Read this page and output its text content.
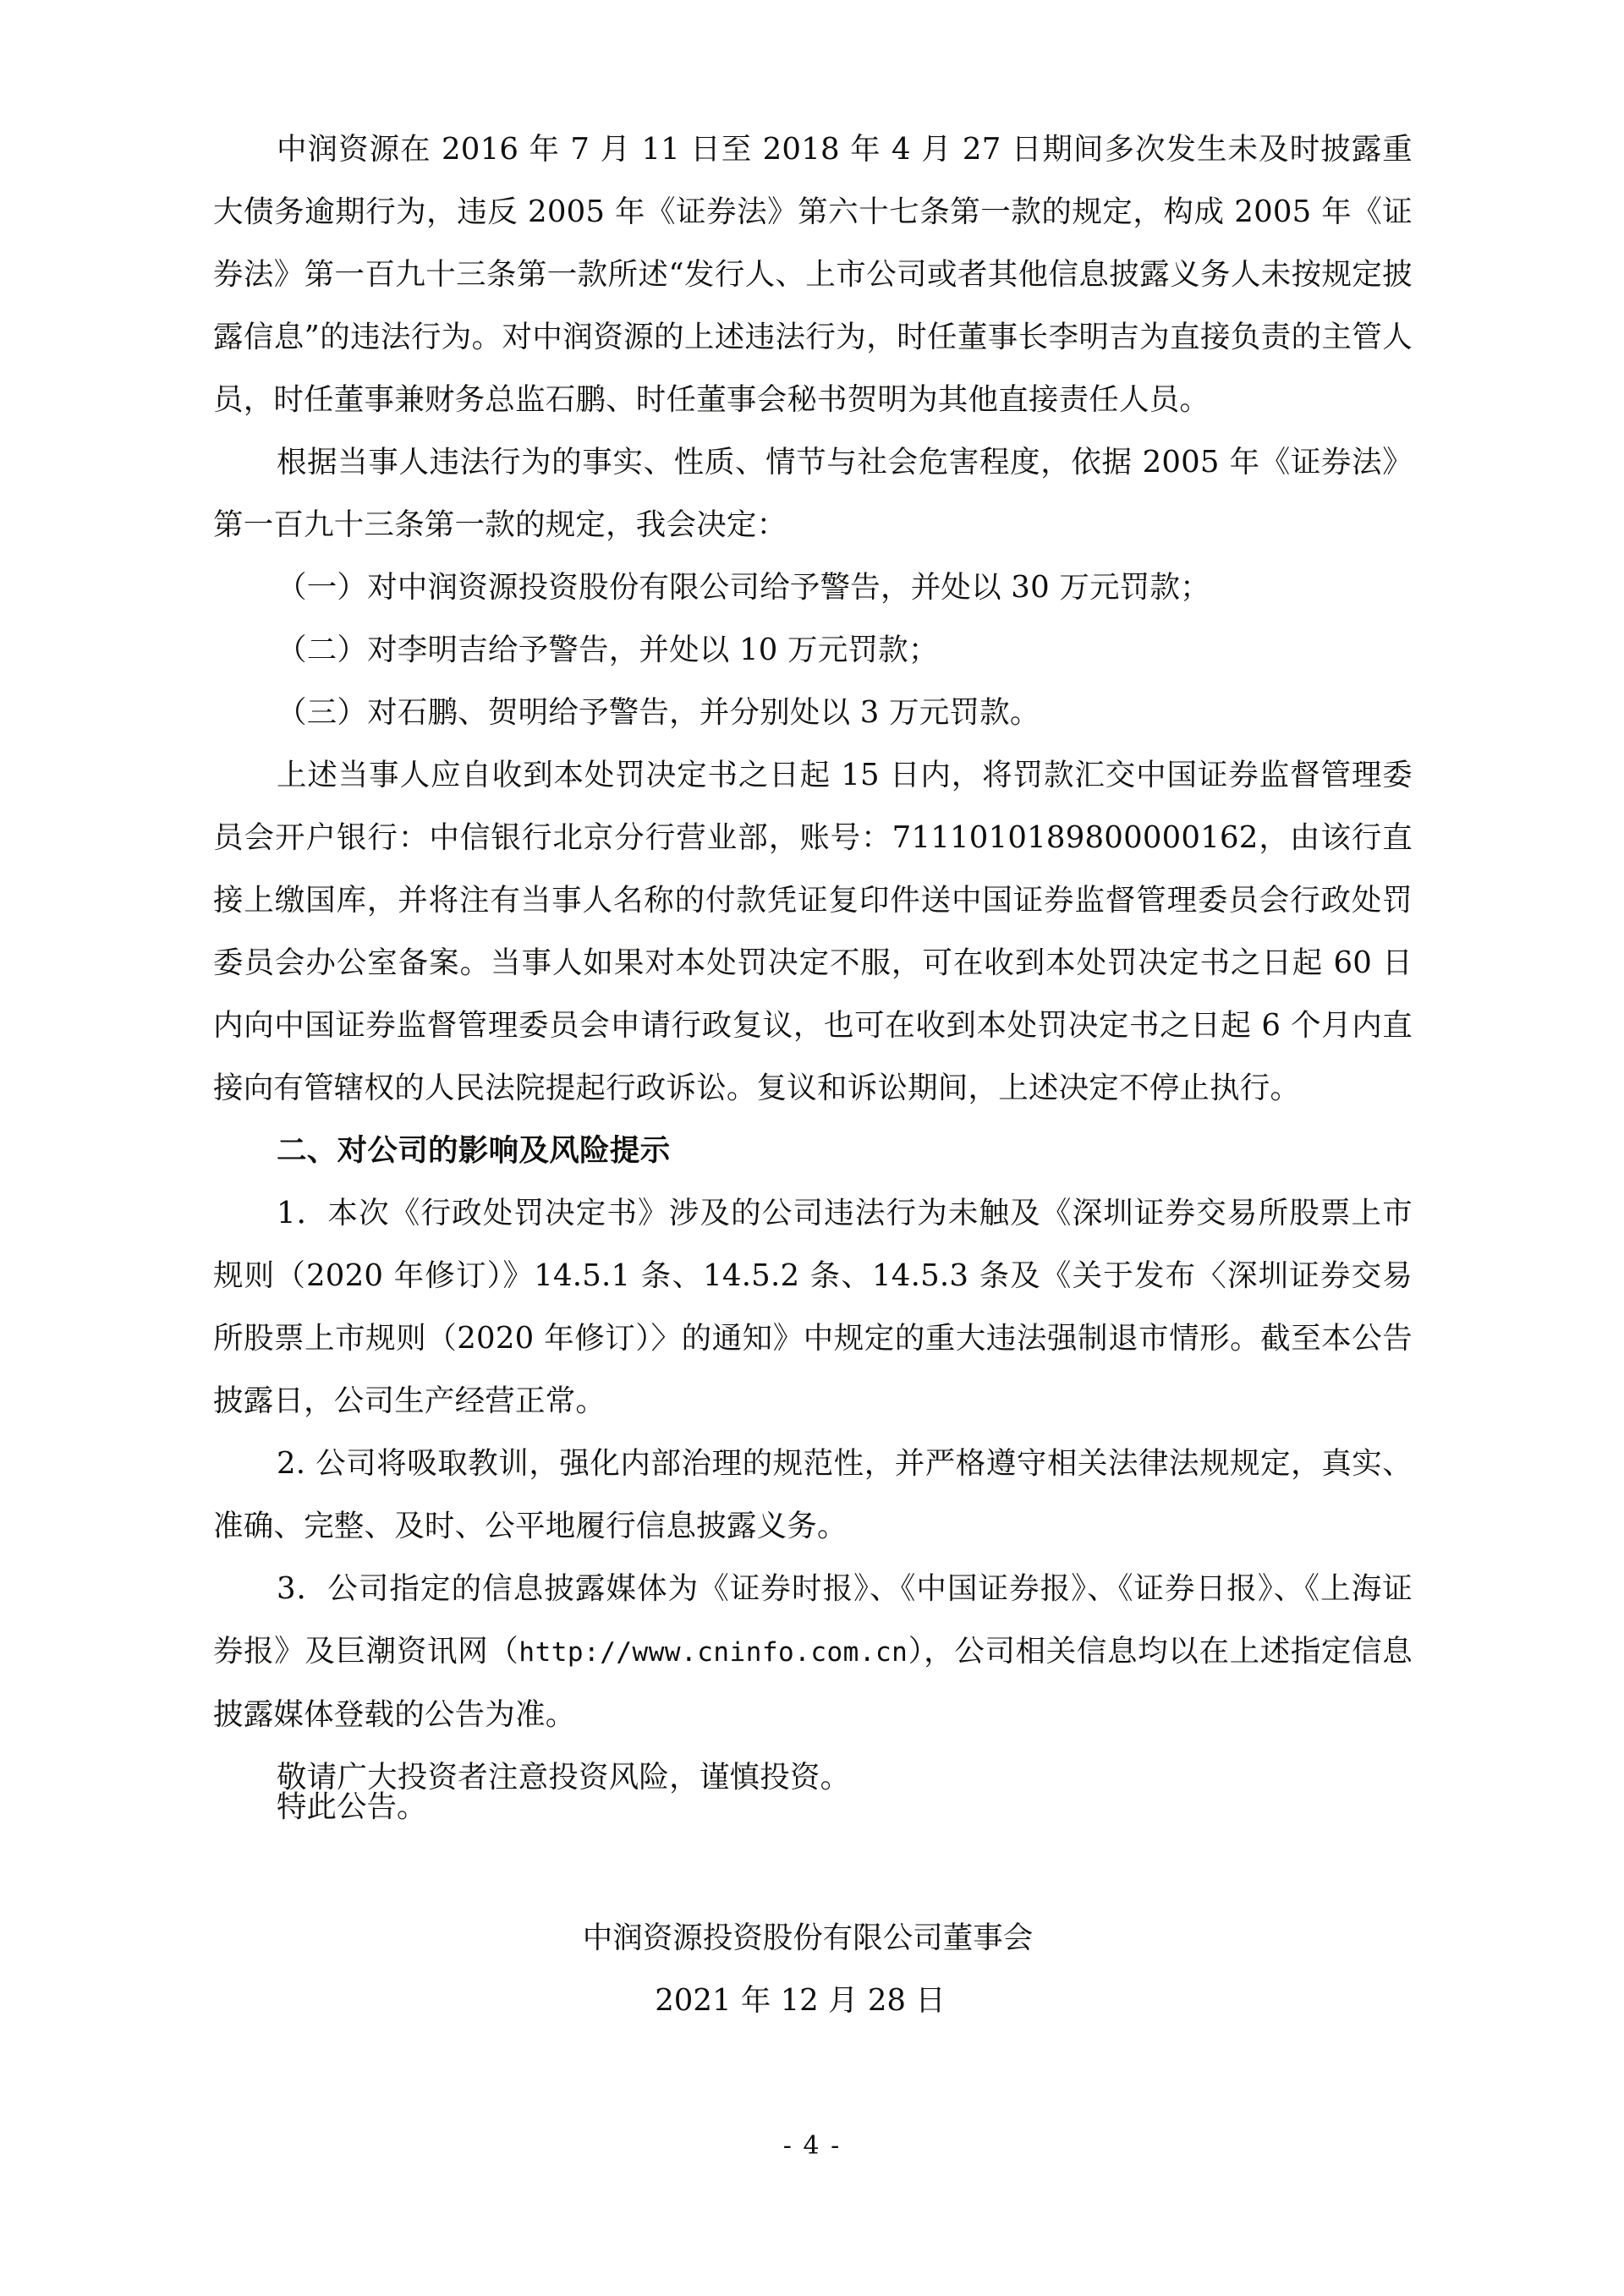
中润资源在 2016 年 7 月 11 日至 2018 年 4 月 27 日期间多次发生未及时披露重大债务逾期行为，违反 2005 年《证券法》第六十七条第一款的规定，构成 2005 年《证券法》第一百九十三条第一款所述“发行人、上市公司或者其他信息披露义务人未按规定披露信息”的违法行为。对中润资源的上述违法行为，时任董事长李明吉为直接负责的主管人员，时任董事兼财务总监石鹏、时任董事会秘书贺明为其他直接责任人员。

根据当事人违法行为的事实、性质、情节与社会危害程度，依据 2005 年《证券法》第一百九十三条第一款的规定，我会决定：

（一）对中润资源投资股份有限公司给予警告，并处以 30 万元罚款；

（二）对李明吉给予警告，并处以 10 万元罚款；

（三）对石鹏、贺明给予警告，并分别处以 3 万元罚款。

上述当事人应自收到本处罚决定书之日起 15 日内，将罚款汇交中国证券监督管理委员会开户银行：中信银行北京分行营业部，账号：7111010189800000162，由该行直接上缴国库，并将注有当事人名称的付款凭证复印件送中国证券监督管理委员会行政处罚委员会办公室备案。当事人如果对本处罚决定不服，可在收到本处罚决定书之日起 60 日内向中国证券监督管理委员会申请行政复议，也可在收到本处罚决定书之日起 6 个月内直接向有管辖权的人民法院提起行政诉讼。复议和诉讼期间，上述决定不停止执行。

二、对公司的影响及风险提示

1．本次《行政处罚决定书》涉及的公司违法行为未触及《深圳证券交易所股票上市规则（2020 年修订）》14.5.1 条、14.5.2 条、14.5.3 条及《关于发布〈深圳证券交易所股票上市规则（2020 年修订）〉的通知》中规定的重大违法强制退市情形。截至本公告披露日，公司生产经营正常。

2. 公司将吸取教训，强化内部治理的规范性，并严格遵守相关法律法规规定，真实、准确、完整、及时、公平地履行信息披露义务。

3．公司指定的信息披露媒体为《证券时报》、《中国证券报》、《证券日报》、《上海证券报》及巨潮资讯网（http://www.cninfo.com.cn），公司相关信息均以在上述指定信息披露媒体登载的公告为准。

敬请广大投资者注意投资风险，谨慎投资。

特此公告。

中润资源投资股份有限公司董事会

2021 年 12 月 28 日

- 4 -
